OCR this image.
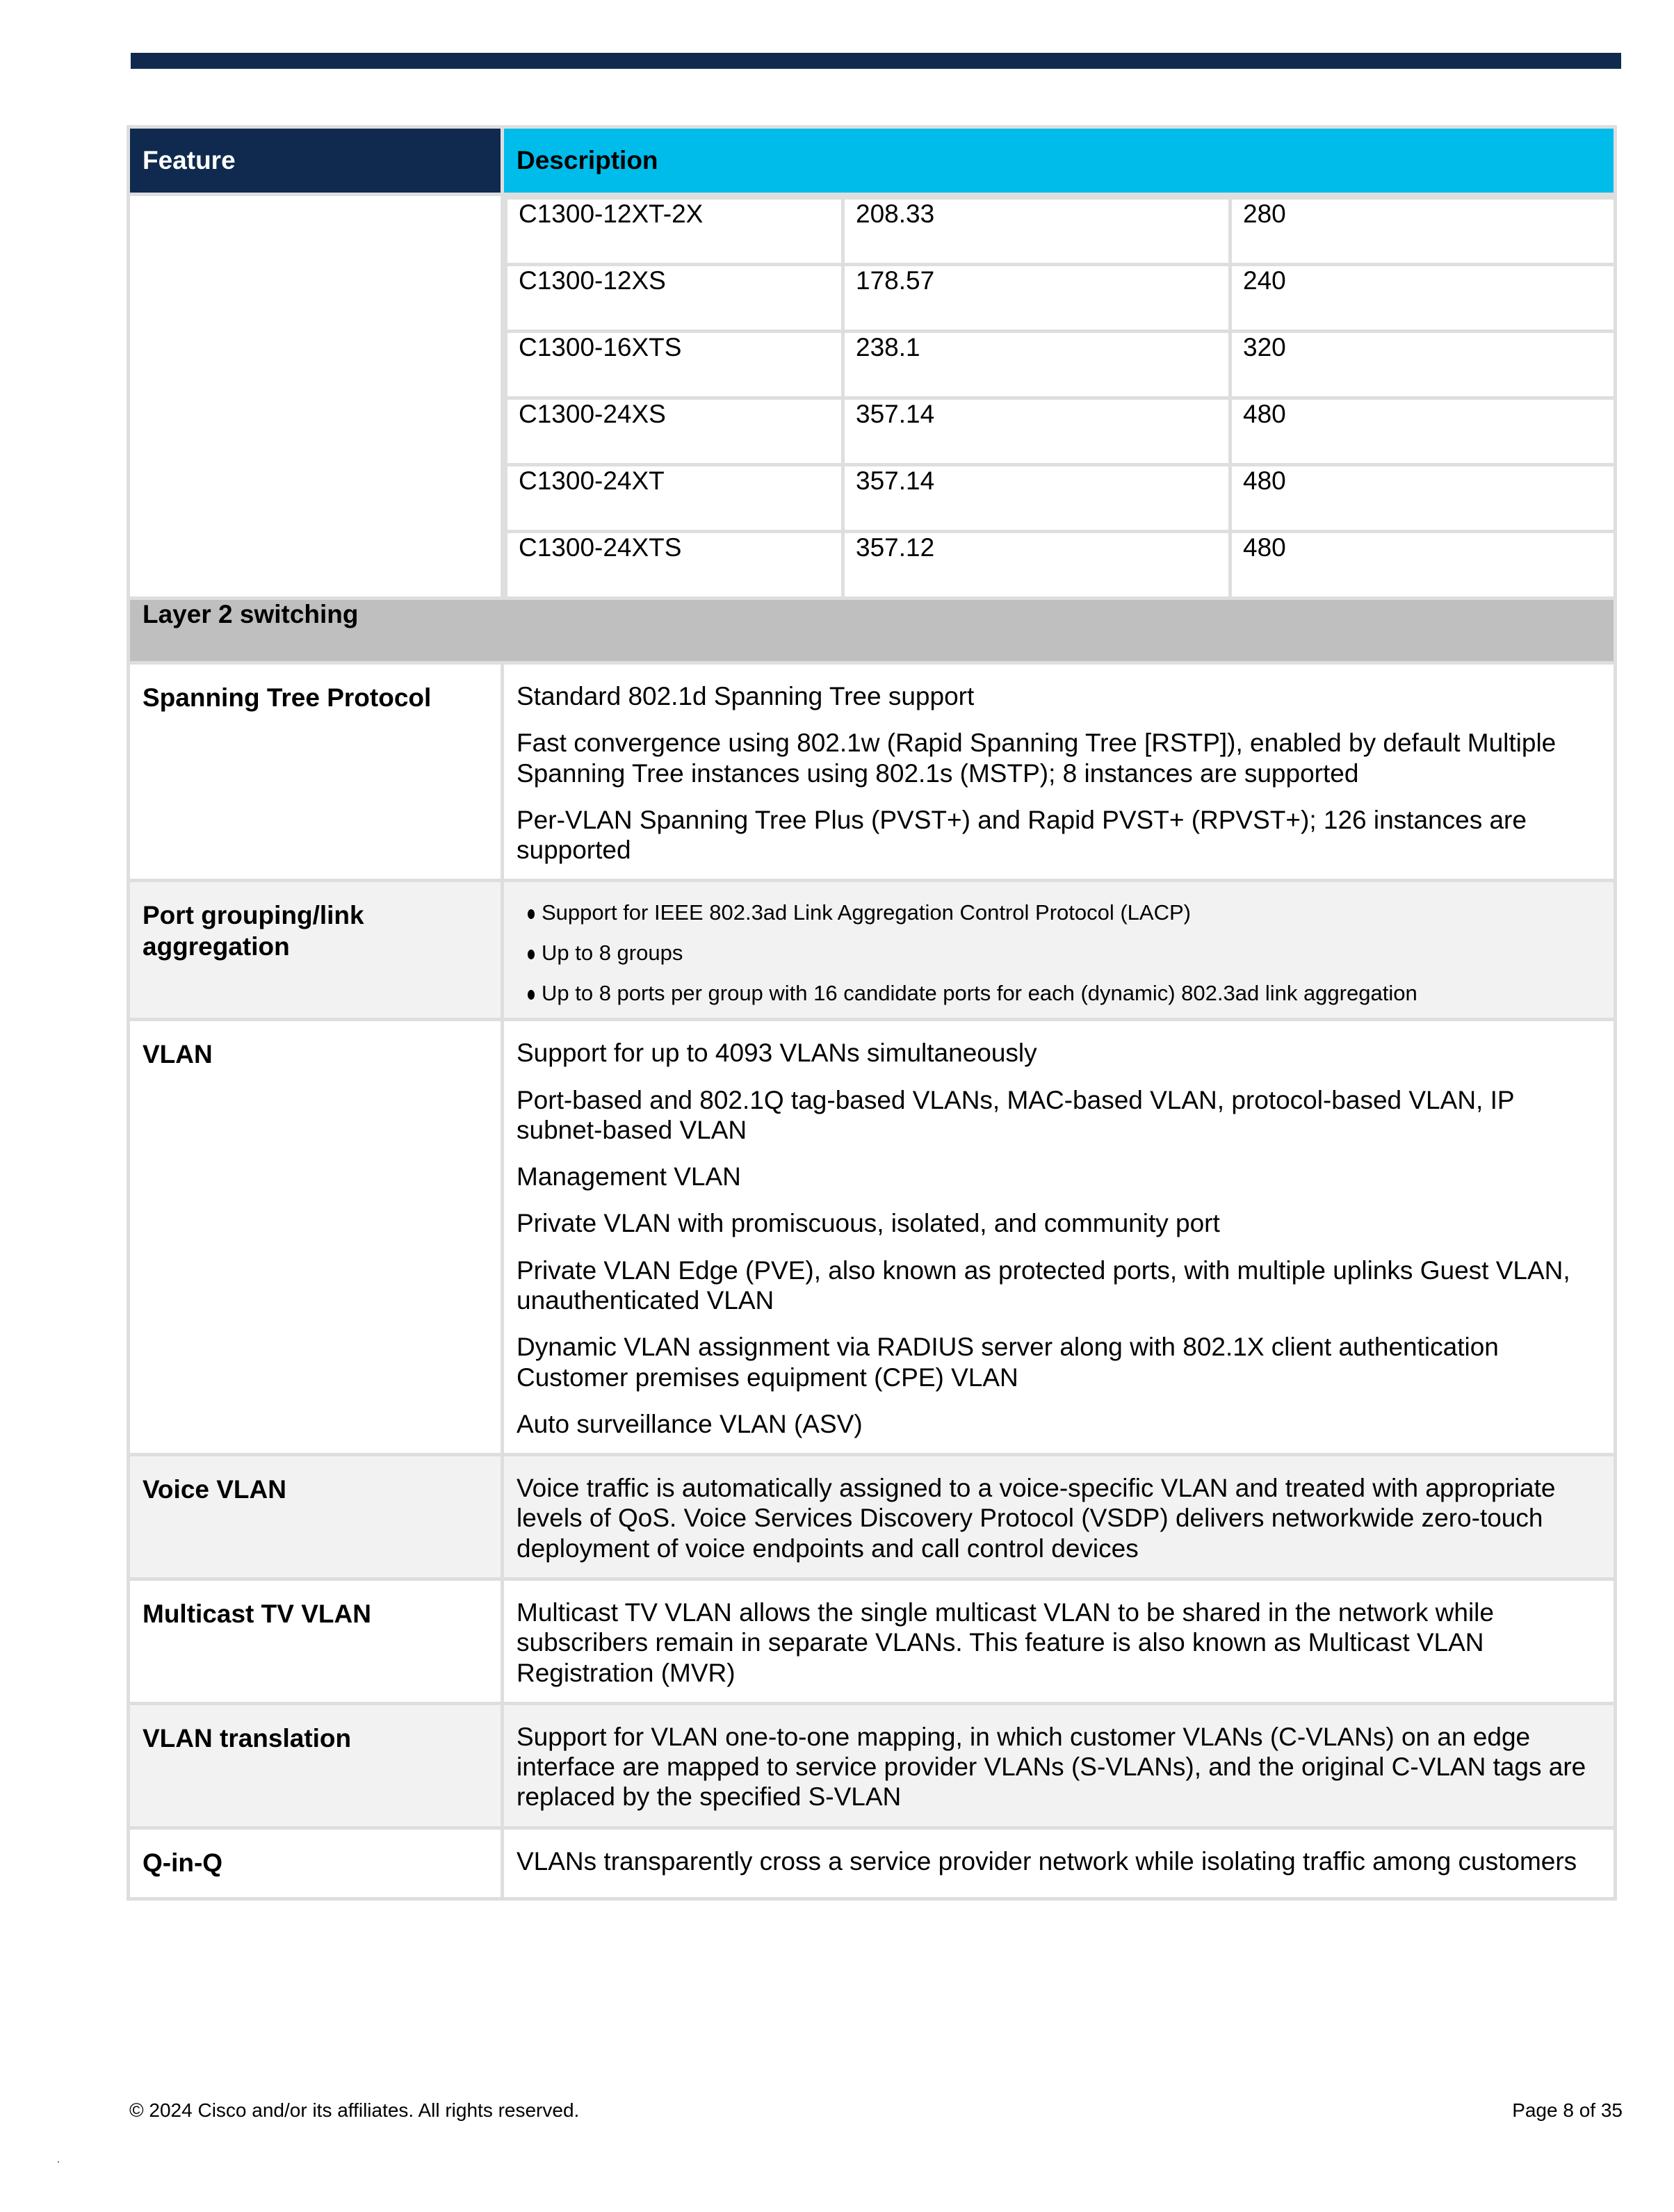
Feature	Description

C1300-12XT-2X	208.33	280
C1300-12XS	178.57	240
C1300-16XTS	238.1	320
C1300-24XS	357.14	480
C1300-24XT	357.14	480
C1300-24XTS	357.12	480

Layer 2 switching
Spanning Tree Protocol	Standard 802.1d Spanning Tree support

Fast convergence using 802.1w (Rapid Spanning Tree [RSTP]), enabled by default Multiple Spanning Tree instances using 802.1s (MSTP); 8 instances are supported

Per-VLAN Spanning Tree Plus (PVST+) and Rapid PVST+ (RPVST+); 126 instances are supported

Port grouping/link aggregation	
Support for IEEE 802.3ad Link Aggregation Control Protocol (LACP)
Up to 8 groups
Up to 8 ports per group with 16 candidate ports for each (dynamic) 802.3ad link aggregation

VLAN	Support for up to 4093 VLANs simultaneously

Port-based and 802.1Q tag-based VLANs, MAC-based VLAN, protocol-based VLAN, IP subnet-based VLAN

Management VLAN

Private VLAN with promiscuous, isolated, and community port

Private VLAN Edge (PVE), also known as protected ports, with multiple uplinks Guest VLAN, unauthenticated VLAN

Dynamic VLAN assignment via RADIUS server along with 802.1X client authentication Customer premises equipment (CPE) VLAN

Auto surveillance VLAN (ASV)

Voice VLAN	Voice traffic is automatically assigned to a voice-specific VLAN and treated with appropriate levels of QoS. Voice Services Discovery Protocol (VSDP) delivers networkwide zero-touch deployment of voice endpoints and call control devices

Multicast TV VLAN	Multicast TV VLAN allows the single multicast VLAN to be shared in the network while subscribers remain in separate VLANs. This feature is also known as Multicast VLAN Registration (MVR)

VLAN translation	Support for VLAN one-to-one mapping, in which customer VLANs (C-VLANs) on an edge interface are mapped to service provider VLANs (S-VLANs), and the original C-VLAN tags are replaced by the specified S-VLAN

Q-in-Q	VLANs transparently cross a service provider network while isolating traffic among customers

© 2024 Cisco and/or its affiliates. All rights reserved.	Page 8 of 35
